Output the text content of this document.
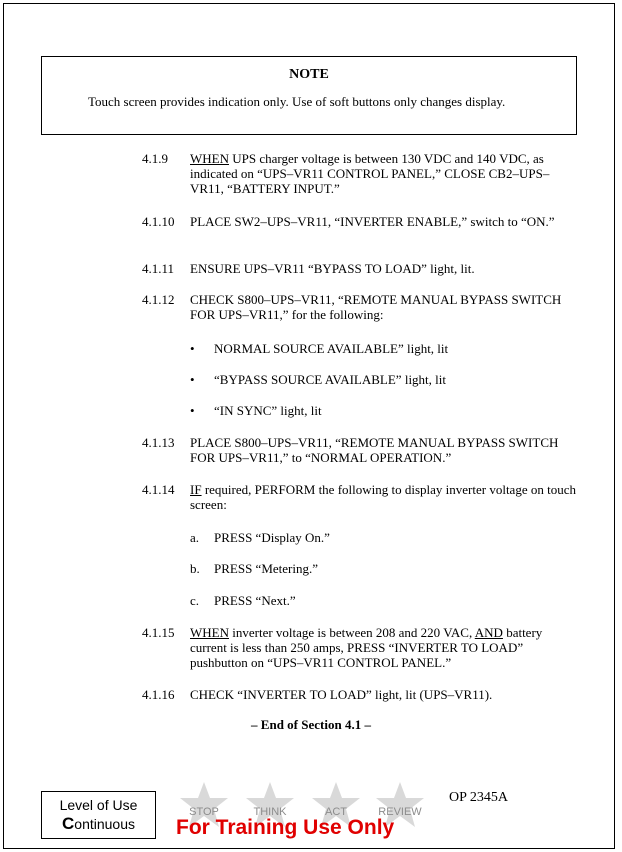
NOTE
Touch screen provides indication only. Use of soft buttons only changes display.
4.1.9 WHEN UPS charger voltage is between 130 VDC and 140 VDC, as indicated on “UPS–VR11 CONTROL PANEL,” CLOSE CB2–UPS–VR11, “BATTERY INPUT.”
4.1.10 PLACE SW2–UPS–VR11, “INVERTER ENABLE,” switch to “ON.”
4.1.11 ENSURE UPS–VR11 “BYPASS TO LOAD” light, lit.
4.1.12 CHECK S800–UPS–VR11, “REMOTE MANUAL BYPASS SWITCH FOR UPS–VR11,” for the following:
• NORMAL SOURCE AVAILABLE” light, lit
• “BYPASS SOURCE AVAILABLE” light, lit
• “IN SYNC” light, lit
4.1.13 PLACE S800–UPS–VR11, “REMOTE MANUAL BYPASS SWITCH FOR UPS–VR11,” to “NORMAL OPERATION.”
4.1.14 IF required, PERFORM the following to display inverter voltage on touch screen:
a. PRESS “Display On.”
b. PRESS “Metering.”
c. PRESS “Next.”
4.1.15 WHEN inverter voltage is between 208 and 220 VAC, AND battery current is less than 250 amps, PRESS “INVERTER TO LOAD” pushbutton on “UPS–VR11 CONTROL PANEL.”
4.1.16 CHECK “INVERTER TO LOAD” light, lit (UPS–VR11).
– End of Section 4.1 –
Level of Use
Continuous
STOP	THINK	ACT	REVIEW
OP 2345A
For Training Use Only
